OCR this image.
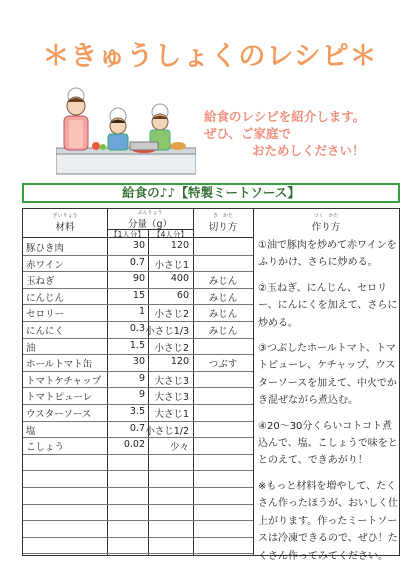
＊きゅうしょくのレシピ＊
給食のレシピを紹介します。
ぜひ、ご家庭で
おためしください！
給食の♪♪【特製ミートソース】
ざいりょう
材料
ぶんりょう
分量（g）
【1人分】	【4人分】
き　かた
切り方
つく　かた
作り方
豚ひき肉	30	120
赤ワイン	0.7 小さじ1
玉ねぎ	90	400	みじん
にんじん	15	60	みじん
セロリー	1 小さじ2	みじん
にんにく	0.3 小さじ1/3	みじん
油	1.5 小さじ2
ホールトマト缶	30	120	つぶす
トマトケチャップ	9 大さじ3
トマトピューレ	9 大さじ3
ウスターソース	3.5 大さじ1
塩	0.7 小さじ1/2
こしょう	0.02	少々

①油で豚肉を炒めて赤ワインをふりかけ、さらに炒める。

②玉ねぎ、にんじん、セロリー、にんにくを加えて、さらに炒める。

③つぶしたホールトマト、トマトピューレ、ケチャップ、ウスターソースを加えて、中火でかき混ぜながら煮込む。

④20～30分くらいコトコト煮込んで、塩、こしょうで味をととのえて、できあがり！

※もっと材料を増やして、たくさん作ったほうが、おいしく仕上がります。作ったミートソースは冷凍できるので、ぜひ！たくさん作ってみてください。
